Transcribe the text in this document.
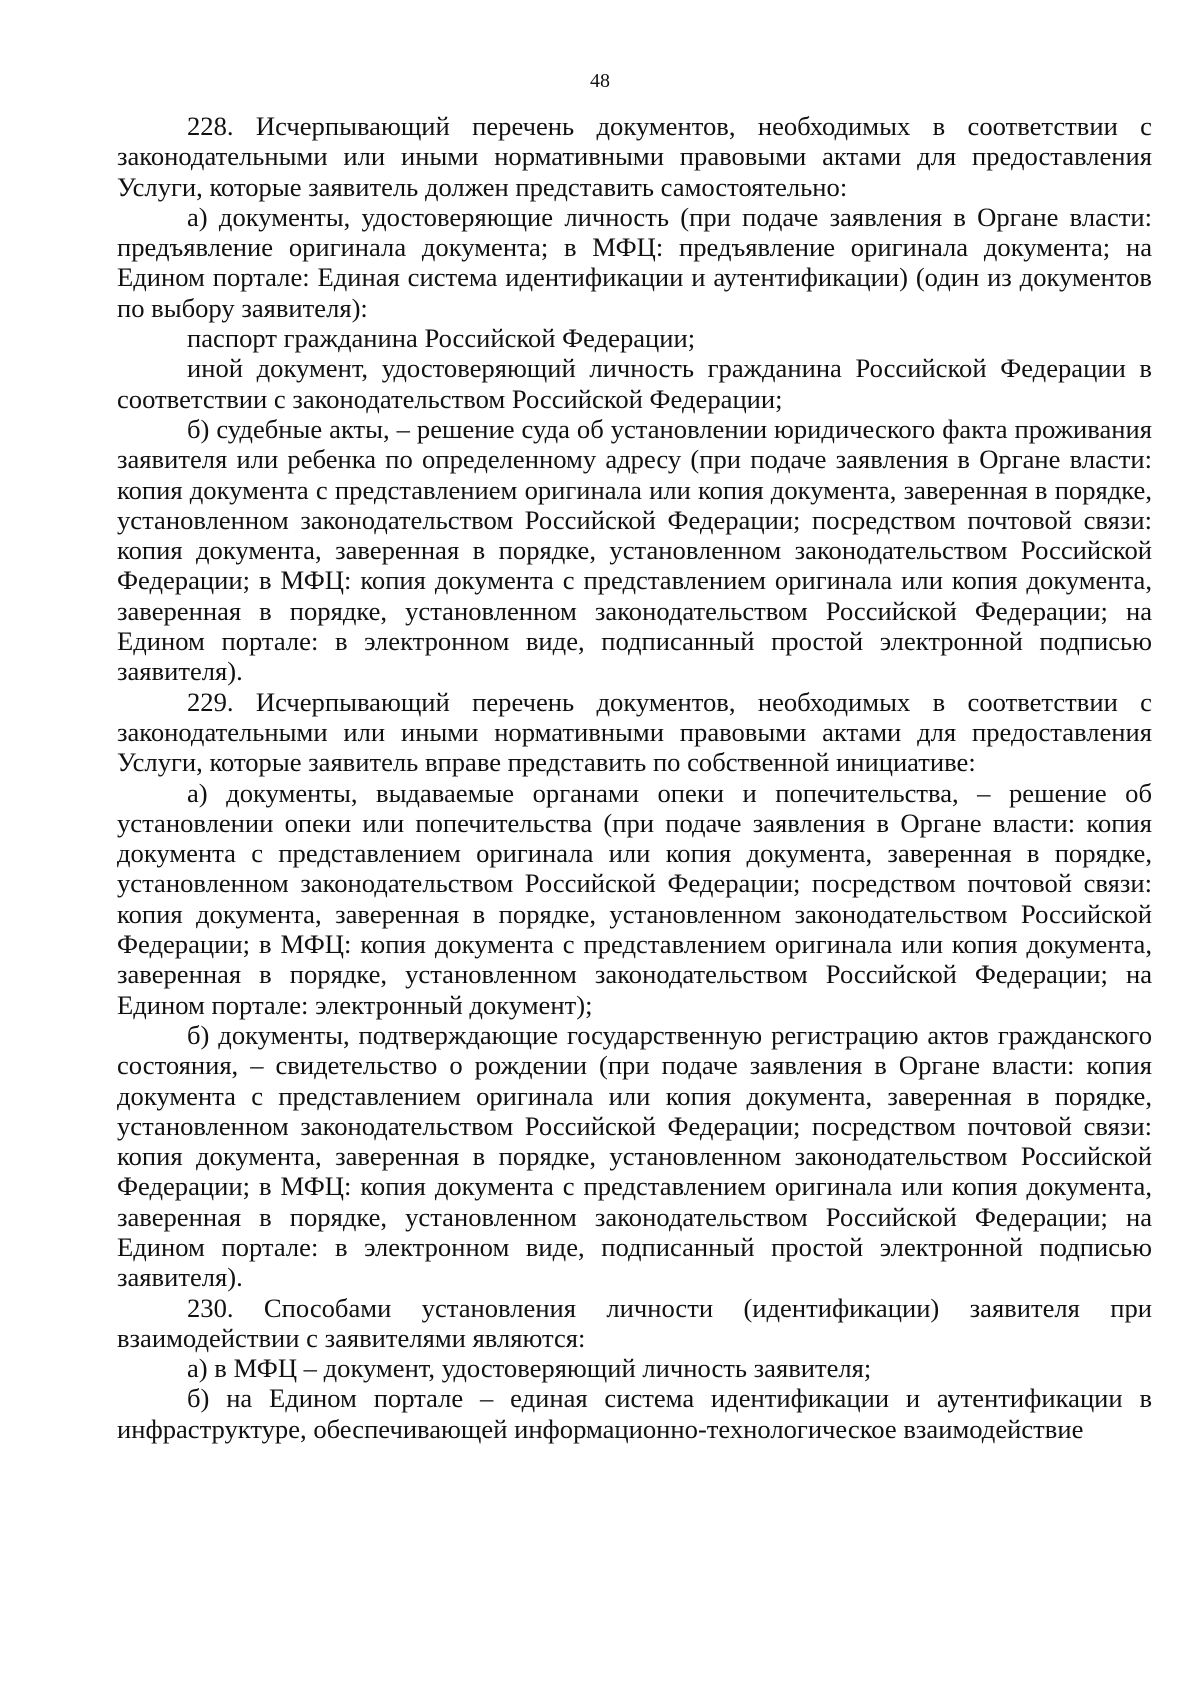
48

228. Исчерпывающий перечень документов, необходимых в соответствии с законодательными или иными нормативными правовыми актами для предоставления Услуги, которые заявитель должен представить самостоятельно:

а) документы, удостоверяющие личность (при подаче заявления в Органе власти: предъявление оригинала документа; в МФЦ: предъявление оригинала документа; на Едином портале: Единая система идентификации и аутентификации) (один из документов по выбору заявителя):

паспорт гражданина Российской Федерации;

иной документ, удостоверяющий личность гражданина Российской Федерации в соответствии с законодательством Российской Федерации;

б) судебные акты, – решение суда об установлении юридического факта проживания заявителя или ребенка по определенному адресу (при подаче заявления в Органе власти: копия документа с представлением оригинала или копия документа, заверенная в порядке, установленном законодательством Российской Федерации; посредством почтовой связи: копия документа, заверенная в порядке, установленном законодательством Российской Федерации; в МФЦ: копия документа с представлением оригинала или копия документа, заверенная в порядке, установленном законодательством Российской Федерации; на Едином портале: в электронном виде, подписанный простой электронной подписью заявителя).

229. Исчерпывающий перечень документов, необходимых в соответствии с законодательными или иными нормативными правовыми актами для предоставления Услуги, которые заявитель вправе представить по собственной инициативе:

а) документы, выдаваемые органами опеки и попечительства, – решение об установлении опеки или попечительства (при подаче заявления в Органе власти: копия документа с представлением оригинала или копия документа, заверенная в порядке, установленном законодательством Российской Федерации; посредством почтовой связи: копия документа, заверенная в порядке, установленном законодательством Российской Федерации; в МФЦ: копия документа с представлением оригинала или копия документа, заверенная в порядке, установленном законодательством Российской Федерации; на Едином портале: электронный документ);

б) документы, подтверждающие государственную регистрацию актов гражданского состояния, – свидетельство о рождении (при подаче заявления в Органе власти: копия документа с представлением оригинала или копия документа, заверенная в порядке, установленном законодательством Российской Федерации; посредством почтовой связи: копия документа, заверенная в порядке, установленном законодательством Российской Федерации; в МФЦ: копия документа с представлением оригинала или копия документа, заверенная в порядке, установленном законодательством Российской Федерации; на Едином портале: в электронном виде, подписанный простой электронной подписью заявителя).

230. Способами установления личности (идентификации) заявителя при взаимодействии с заявителями являются:

а) в МФЦ – документ, удостоверяющий личность заявителя;

б) на Едином портале – единая система идентификации и аутентификации в инфраструктуре, обеспечивающей информационно-технологическое взаимодействие
